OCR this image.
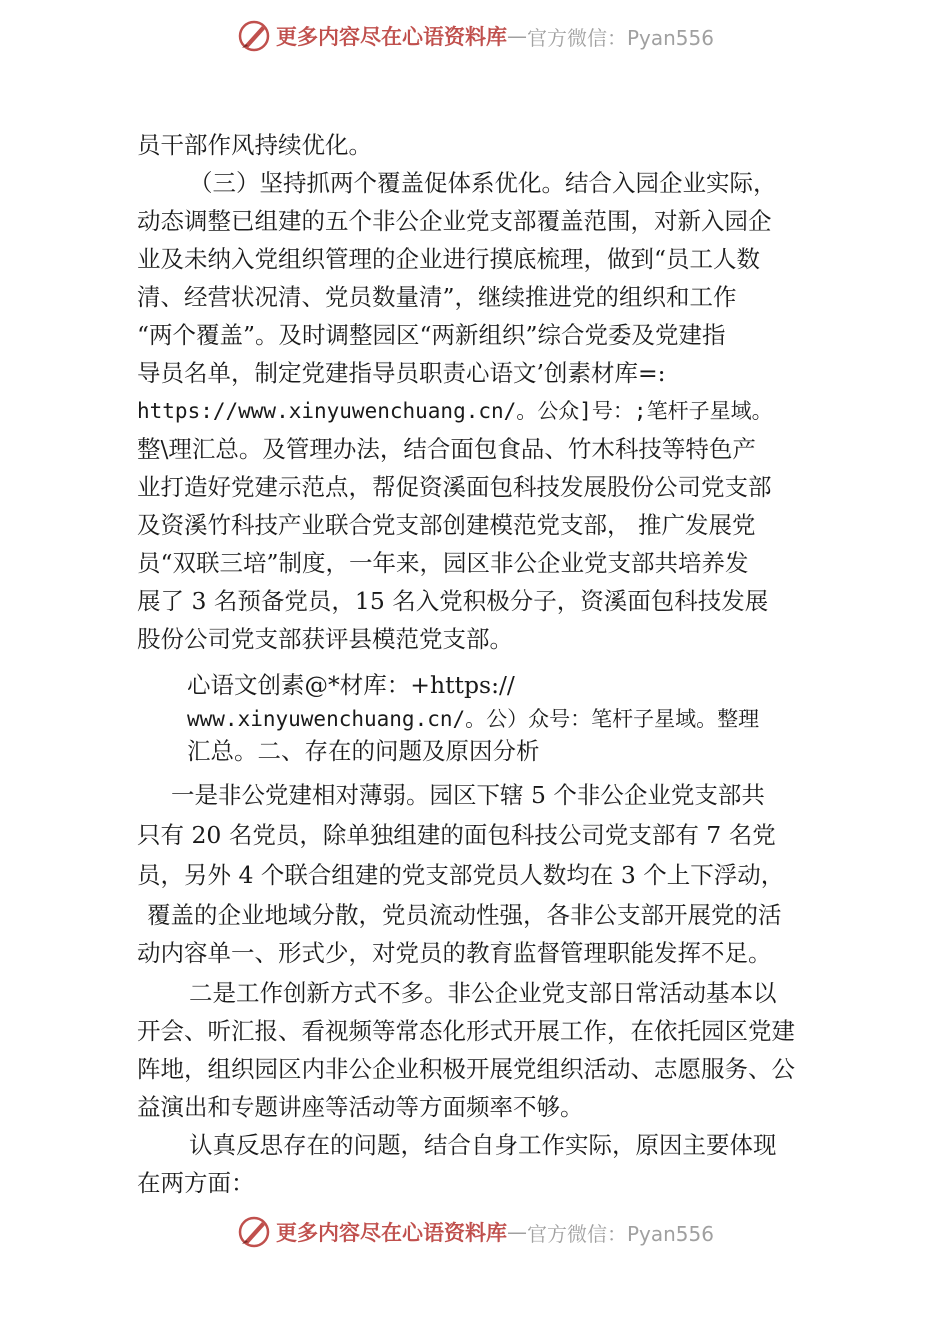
更多内容尽在心语资料库 — 官方微信：Pyan556
员干部作风持续优化。
（三）坚持抓两个覆盖促体系优化。结合入园企业实际，
动态调整已组建的五个非公企业党支部覆盖范围，对新入园企
业及未纳入党组织管理的企业进行摸底梳理，做到“员工人数
清、经营状况清、党员数量清”，继续推进党的组织和工作
“两个覆盖”。及时调整园区“两新组织”综合党委及党建指
导员名单，制定党建指导员职责心语文’创素材库=:
https://www.xinyuwenchuang.cn/。公众]号：;笔杆子星域。
整\理汇总。及管理办法，结合面包食品、竹木科技等特色产
业打造好党建示范点，帮促资溪面包科技发展股份公司党支部
及资溪竹科技产业联合党支部创建模范党支部， 推广发展党
员“双联三培”制度，一年来，园区非公企业党支部共培养发
展了 3 名预备党员，15 名入党积极分子，资溪面包科技发展
股份公司党支部获评县模范党支部。
心语文创素@*材库：+https://
www.xinyuwenchuang.cn/。公）众号：笔杆子星域。整理
汇总。二、存在的问题及原因分析
一是非公党建相对薄弱。园区下辖 5 个非公企业党支部共
只有 20 名党员，除单独组建的面包科技公司党支部有 7 名党
员，另外 4 个联合组建的党支部党员人数均在 3 个上下浮动，
覆盖的企业地域分散，党员流动性强，各非公支部开展党的活
动内容单一、形式少，对党员的教育监督管理职能发挥不足。
二是工作创新方式不多。非公企业党支部日常活动基本以
开会、听汇报、看视频等常态化形式开展工作，在依托园区党建
阵地，组织园区内非公企业积极开展党组织活动、志愿服务、公
益演出和专题讲座等活动等方面频率不够。
认真反思存在的问题，结合自身工作实际，原因主要体现
在两方面：
更多内容尽在心语资料库 — 官方微信：Pyan556
